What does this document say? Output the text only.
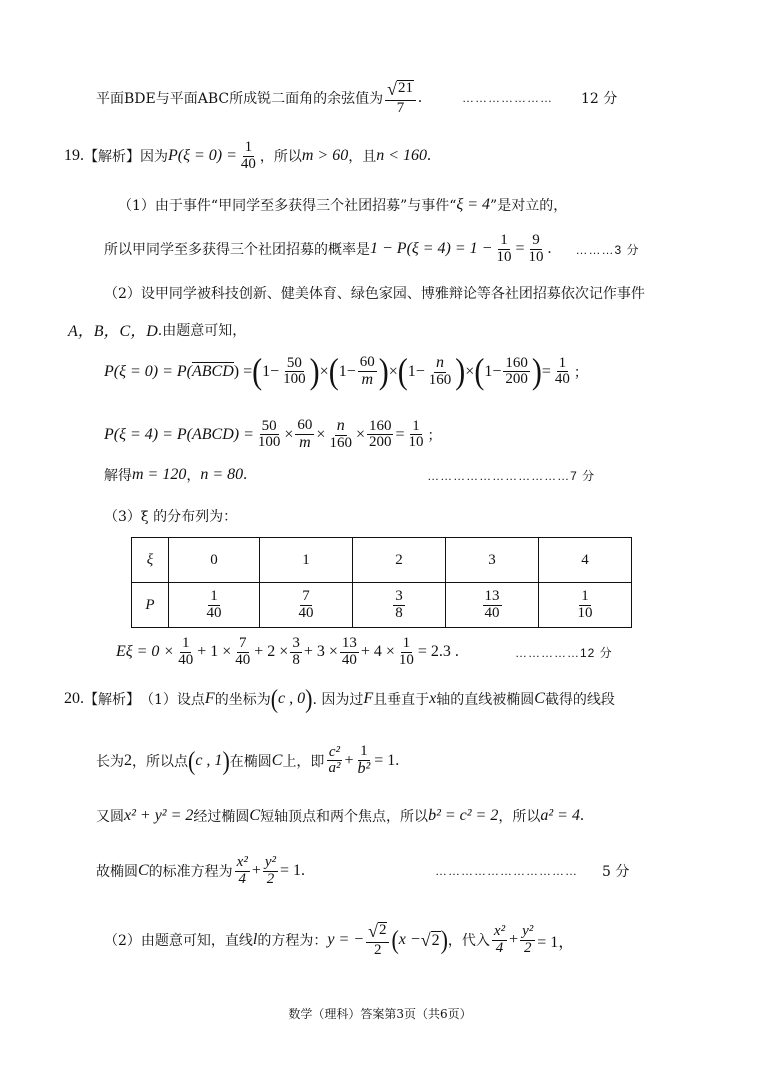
平面BDE与平面ABC所成锐二面角的余弦值为 $\frac{√ 21}{7}$ .	………………… 12 分
19. 【解析】 因为 $P(\xi = 0) = \frac{1}{40}$ ，所以 m > 60 ，且 n < 160 .
（1）由于事件“甲同学至多获得三个社团招募”与事件“ ξ = 4 ”是对立的，
所以甲同学至多获得三个社团招募的概率是 $1 - P(\xi = 4) = 1 - \frac{1}{10} = \frac{9}{10}$ . ………3 分
（2）设甲同学被科技创新、健美体育、绿色家园、博雅辩论等各社团招募依次记作事件
A，B，C，D .由题意可知，
P(ξ = 0) = P( ABCD ) = ( $1- \frac{50}{100}$ ) × ( $1- \frac{60}{m}$ ) × ( $1- \frac{n}{160}$ ) × ( $1- \frac{160}{200}$ ) = $\frac{1}{40}$ ；
P(ξ = 4) = P(ABCD) = $\frac{50}{100} \times \frac{60}{m} \times \frac{n}{160} \times \frac{160}{200} = \frac{1}{10}$ ；
解得 m = 120 ， n = 80 .	……………………………7 分
（3）ξ 的分布列为：
ξ	0	1	2	3	4
P	$\frac{1}{40}$	$\frac{7}{40}$	$\frac{3}{8}$	$\frac{13}{40}$	$\frac{1}{10}$
$E\xi = 0 \times \frac{1}{40} + 1 \times \frac{7}{40} + 2 \times \frac{3}{8} + 3 \times \frac{13}{40} + 4 \times \frac{1}{10} = 2.3$ .	……………12 分
20. 【解析】 （1）设点 F 的坐标为 ( c , 0 ) . 因为过 F 且垂直于 x 轴的直线被椭圆 C 截得的线段
长为 2 ，所以点 ( c , 1 ) 在椭圆 C 上，即 $\frac{\text{c²}}{\text{a²}} + \frac{1}{\text{b²}} = 1$.
又圆 x² + y² = 2 经过椭圆 C 短轴顶点和两个焦点，所以 b² = c² = 2 ，所以 a² = 4 .
故椭圆 C 的标准方程为 $\frac{\text{x²}}{4} + \frac{\text{y²}}{2} = 1$.	…………………………… 5 分
（2）由题意可知，直线 l 的方程为： y = − $\frac{√ 2}{2}$ ( x − √ 2 ) ，代入 $\frac{\text{x²}}{4} + \frac{\text{y²}}{2} = 1$，
数学（理科）答案第3页（共6页）
